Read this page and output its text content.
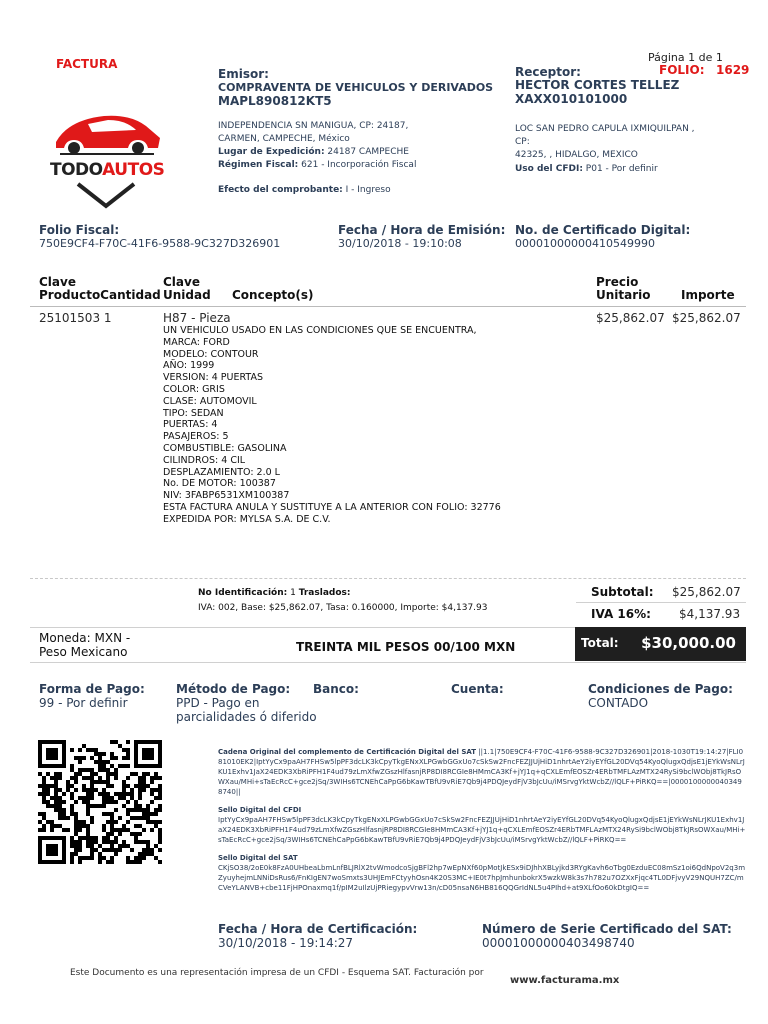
FACTURA	Página 1 de 1
FOLIO: 1629
TODOAUTOS
Emisor:
COMPRAVENTA DE VEHICULOS Y DERIVADOS
MAPL890812KT5
INDEPENDENCIA SN MANIGUA, CP: 24187,
CARMEN, CAMPECHE, México
Lugar de Expedición: 24187 CAMPECHE
Régimen Fiscal: 621 - Incorporación Fiscal
Efecto del comprobante: I - Ingreso
Receptor:
HECTOR CORTES TELLEZ
XAXX010101000
LOC SAN PEDRO CAPULA IXMIQUILPAN ,
CP:
42325, , HIDALGO, MEXICO
Uso del CFDI: P01 - Por definir
Folio Fiscal:
750E9CF4-F70C-41F6-9588-9C327D326901
Fecha / Hora de Emisión:
30/10/2018 - 19:10:08
No. de Certificado Digital:
00001000000410549990
Clave
ProductoCantidad
Clave
Unidad Concepto(s)
Precio
Unitario	Importe
25101503 1	H87 - Pieza	$25,862.07 $25,862.07
UN VEHICULO USADO EN LAS CONDICIONES QUE SE ENCUENTRA,
MARCA: FORD
MODELO: CONTOUR
AÑO: 1999
VERSION: 4 PUERTAS
COLOR: GRIS
CLASE: AUTOMOVIL
TIPO: SEDAN
PUERTAS: 4
PASAJEROS: 5
COMBUSTIBLE: GASOLINA
CILINDROS: 4 CIL
DESPLAZAMIENTO: 2.0 L
No. DE MOTOR: 100387
NIV: 3FABP6531XM100387
ESTA FACTURA ANULA Y SUSTITUYE A LA ANTERIOR CON FOLIO: 32776
EXPEDIDA POR: MYLSA S.A. DE C.V.
No Identificación: 1 Traslados:
IVA: 002, Base: $25,862.07, Tasa: 0.160000, Importe: $4,137.93
Subtotal: $25,862.07
IVA 16%: $4,137.93
Moneda: MXN -
Peso Mexicano	TREINTA MIL PESOS 00/100 MXN	Total: $30,000.00
Forma de Pago:
99 - Por definir
Método de Pago:
PPD - Pago en
parcialidades ó diferido
Banco:	Cuenta:	Condiciones de Pago:
CONTADO
Cadena Original del complemento de Certificación Digital del SAT ||1.1|750E9CF4-F70C-41F6-9588-9C327D326901|2018-1030T19:14:27|FLI081010EK2|IptYyCx9paAH7FHSw5lpPF3dcLK3kCpyTkgENxXLPGwbGGxUo7cSkSw2FncFEZJJUjHiD1nhrtAeY2iyEYfGL20DVq54KyoQlugxQdjsE1jEYkWsNLrJKU1Exhv1JaX24EDK3XbRiPFH1F4ud79zLmXfwZGszHlfasnjRP8DI8RCGIe8HMmCA3Kf+jYJ1q+qCXLEmfEOSZr4ERbTMFLAzMTX24RySi9bclWObj8TkJRsOWXau/MHi+sTaEcRcC+gce2jSq/3WIHs6TCNEhCaPpG6bKawTBfU9vRiE7Qb9j4PDQJeydFjV3bJcUu/iMSrvgYktWcbZ//lQLF+PiRKQ==|00001000000403498740||
Sello Digital del CFDI
IptYyCx9paAH7FHSw5lpPF3dcLK3kCpyTkgENxXLPGwbGGxUo7cSkSw2FncFEZJJUjHiD1nhrtAeY2iyEYfGL20DVq54KyoQlugxQdjsE1jEYkWsNLrJKU1Exhv1JaX24EDK3XbRiPFH1F4ud79zLmXfwZGszHlfasnjRP8DI8RCGIe8HMmCA3Kf+jYJ1q+qCXLEmfEOSZr4ERbTMFLAzMTX24RySi9bclWObj8TkJRsOWXau/MHi+sTaEcRcC+gce2jSq/3WIHs6TCNEhCaPpG6bKawTBfU9vRiE7Qb9j4PDQJeydFjV3bJcUu/iMSrvgYktWcbZ//lQLF+PiRKQ==
Sello Digital del SAT
CKjSO38/2oE0k8FzA0UHbeaLbmLnfBLJRlX2tvWmodcoSjgBFl2hp7wEpNXf60pMotJkESx9iDJhhXBLyjkd3RYgKavh6oTbg0EzduEC08mSz1oi6QdNpoV2q3mZyuyhejmLNNiDsRus6/FnKIgEN7woSmxts3UHJEmFCtyyhOsn4K20S3MC+IE0t7hpJmhunbokrX5wzkW8k3s7h782u7OZXxFjqc4TL0DFjvyV29NQUH7ZC/mCVeYLANVB+cbe11FjHPOnaxmq1f/pIM2uIlzUjPRiegypvVrw13n/cD05nsaN6HB816QQGrIdNL5u4PIhd+at9XLfOo60kDtgIQ==
Fecha / Hora de Certificación:
30/10/2018 - 19:14:27
Número de Serie Certificado del SAT:
00001000000403498740
Este Documento es una representación impresa de un CFDI - Esquema SAT. Facturación por
www.facturama.mx
